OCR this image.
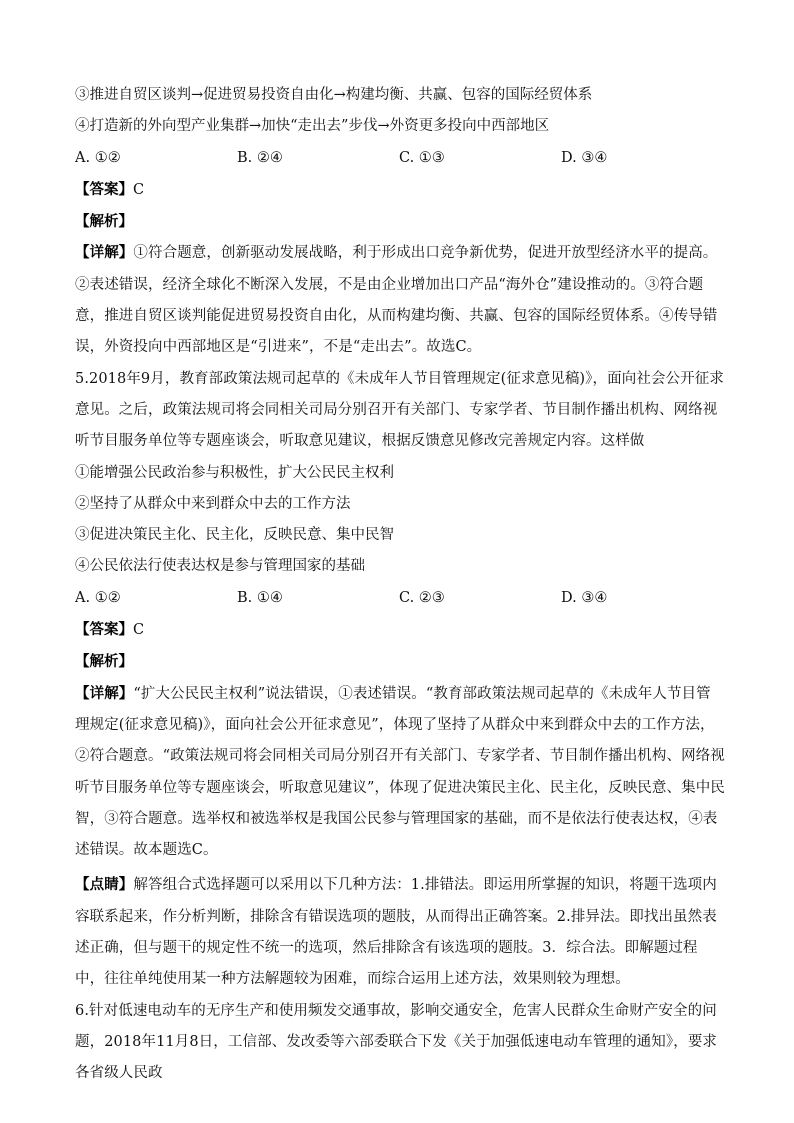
③推进自贸区谈判→促进贸易投资自由化→构建均衡、共赢、包容的国际经贸体系
④打造新的外向型产业集群→加快“走出去”步伐→外资更多投向中西部地区
A. ①②	B. ②④	C. ①③	D. ③④
【答案】C
【解析】
【详解】①符合题意，创新驱动发展战略，利于形成出口竞争新优势，促进开放型经济水平的提高。②表述错误，经济全球化不断深入发展，不是由企业增加出口产品“海外仓”建设推动的。③符合题意，推进自贸区谈判能促进贸易投资自由化，从而构建均衡、共赢、包容的国际经贸体系。④传导错误，外资投向中西部地区是“引进来”，不是“走出去”。故选C。
5.2018年9月，教育部政策法规司起草的《未成年人节目管理规定(征求意见稿)》，面向社会公开征求意见。之后，政策法规司将会同相关司局分别召开有关部门、专家学者、节目制作播出机构、网络视听节目服务单位等专题座谈会，听取意见建议，根据反馈意见修改完善规定内容。这样做
①能增强公民政治参与积极性，扩大公民民主权利
②坚持了从群众中来到群众中去的工作方法
③促进决策民主化、民主化，反映民意、集中民智
④公民依法行使表达权是参与管理国家的基础
A. ①②	B. ①④	C. ②③	D. ③④
【答案】C
【解析】
【详解】“扩大公民民主权利”说法错误，①表述错误。“教育部政策法规司起草的《未成年人节目管理规定(征求意见稿)》，面向社会公开征求意见”，体现了坚持了从群众中来到群众中去的工作方法，②符合题意。“政策法规司将会同相关司局分别召开有关部门、专家学者、节目制作播出机构、网络视听节目服务单位等专题座谈会，听取意见建议”，体现了促进决策民主化、民主化，反映民意、集中民智，③符合题意。选举权和被选举权是我国公民参与管理国家的基础，而不是依法行使表达权，④表述错误。故本题选C。
【点睛】解答组合式选择题可以采用以下几种方法：1.排错法。即运用所掌握的知识，将题干选项内容联系起来，作分析判断，排除含有错误选项的题肢，从而得出正确答案。2.排异法。即找出虽然表述正确，但与题干的规定性不统一的选项，然后排除含有该选项的题肢。3．综合法。即解题过程中，往往单纯使用某一种方法解题较为困难，而综合运用上述方法，效果则较为理想。
6.针对低速电动车的无序生产和使用频发交通事故，影响交通安全，危害人民群众生命财产安全的问题，2018年11月8日，工信部、发改委等六部委联合下发《关于加强低速电动车管理的通知》，要求各省级人民政
